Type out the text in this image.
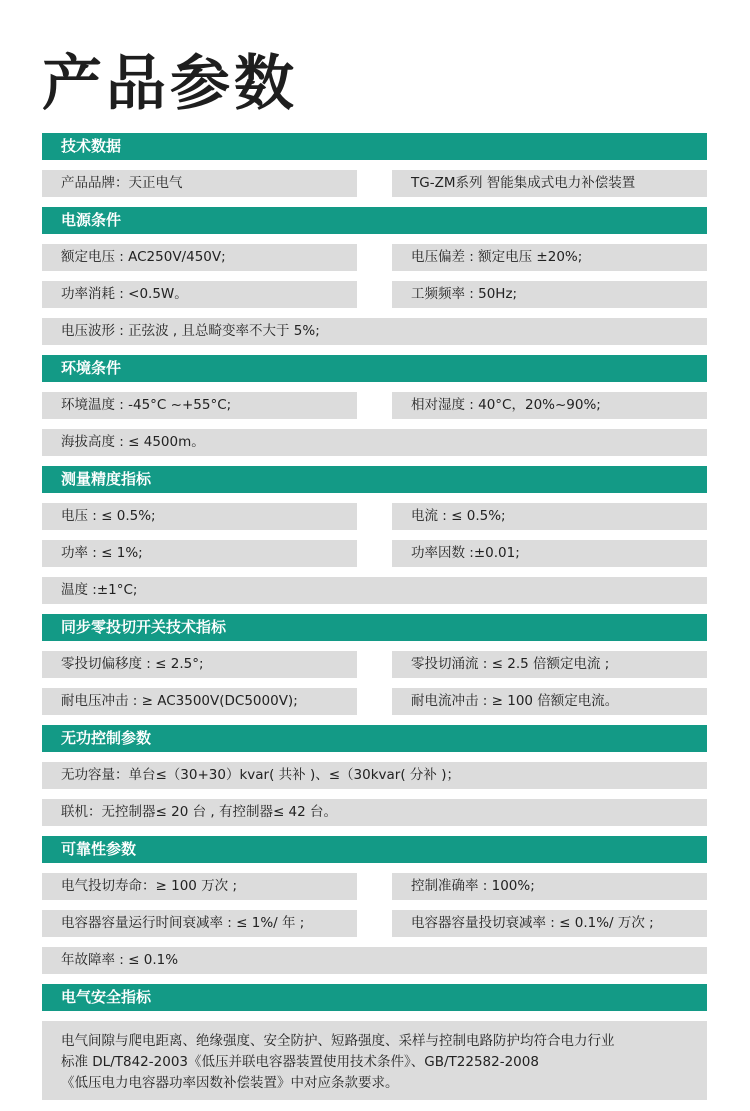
产品参数
技术数据
产品品牌：天正电气	TG-ZM系列 智能集成式电力补偿装置
电源条件
额定电压 : AC250V/450V;	电压偏差 : 额定电压 ±20%;
功率消耗 : <0.5W。	工频频率 : 50Hz;
电压波形 : 正弦波 , 且总畸变率不大于 5%;
环境条件
环境温度 : -45°C ~+55°C;	相对湿度 : 40°C，20%~90%;
海拔高度 : ≤ 4500m。
测量精度指标
电压 : ≤ 0.5%;	电流 : ≤ 0.5%;
功率 : ≤ 1%;	功率因数 :±0.01;
温度 :±1°C;
同步零投切开关技术指标
零投切偏移度 : ≤ 2.5°;	零投切涌流 : ≤ 2.5 倍额定电流 ;
耐电压冲击 : ≥ AC3500V(DC5000V);	耐电流冲击 : ≥ 100 倍额定电流。
无功控制参数
无功容量：单台≤（30+30）kvar( 共补 )、≤（30kvar( 分补 )；
联机：无控制器≤ 20 台 , 有控制器≤ 42 台。
可靠性参数
电气投切寿命：≥ 100 万次 ;	控制准确率 : 100%;
电容器容量运行时间衰减率 : ≤ 1%/ 年 ;	电容器容量投切衰减率 : ≤ 0.1%/ 万次 ;
年故障率 : ≤ 0.1%
电气安全指标
电气间隙与爬电距离、绝缘强度、安全防护、短路强度、采样与控制电路防护均符合电力行业
标准 DL/T842-2003《低压并联电容器装置使用技术条件》、GB/T22582-2008
《低压电力电容器功率因数补偿装置》中对应条款要求。
